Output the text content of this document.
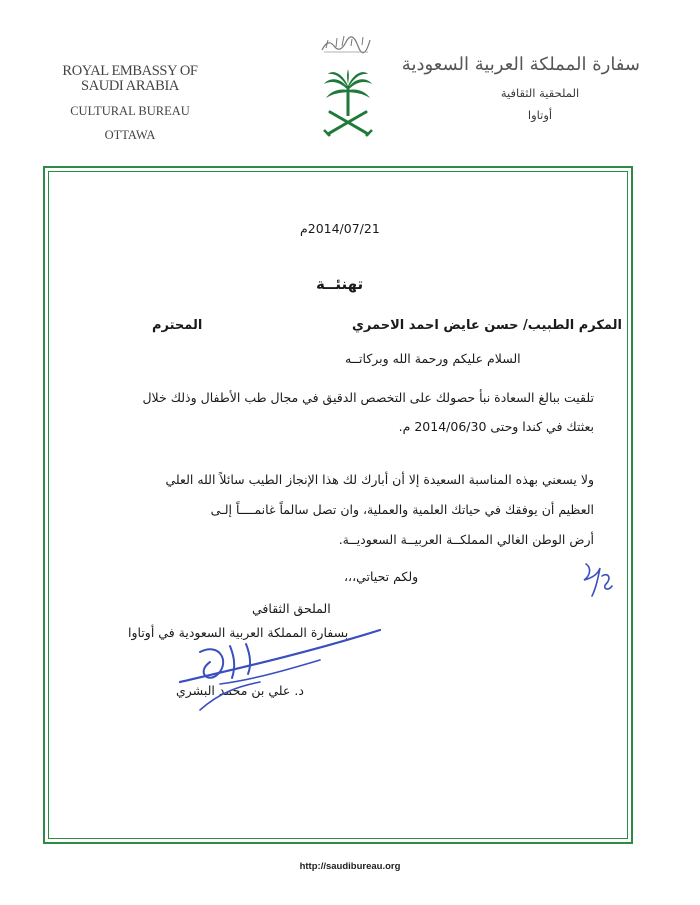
ROYAL EMBASSY OF SAUDI ARABIA
CULTURAL BUREAU
OTTAWA
سفارة المملكة العربية السعودية
الملحقية الثقافية
أوتاوا
2014/07/21م
تهنئــة
المكرم الطبيب/ حسن عايض احمد الاحمري
المحترم
السلام عليكم ورحمة الله وبركاتــه
تلقيت ببالغ السعادة نبأ حصولك على التخصص الدقيق في مجال طب الأطفال وذلك خلال
بعثتك في كندا وحتى 2014/06/30 م.
ولا يسعني بهذه المناسبة السعيدة إلا أن أبارك لك هذا الإنجاز الطيب سائلاً الله العلي
العظيم أن يوفقك في حياتك العلمية والعملية، وان تصل سالماً غانمــــاً إلـى
أرض الوطن الغالي المملكــة العربيــة السعوديــة.
ولكم تحياتي،،،
الملحق الثقافي
بسفارة المملكة العربية السعودية في أوتاوا
د. علي بن محمد البشري
http://saudibureau.org
